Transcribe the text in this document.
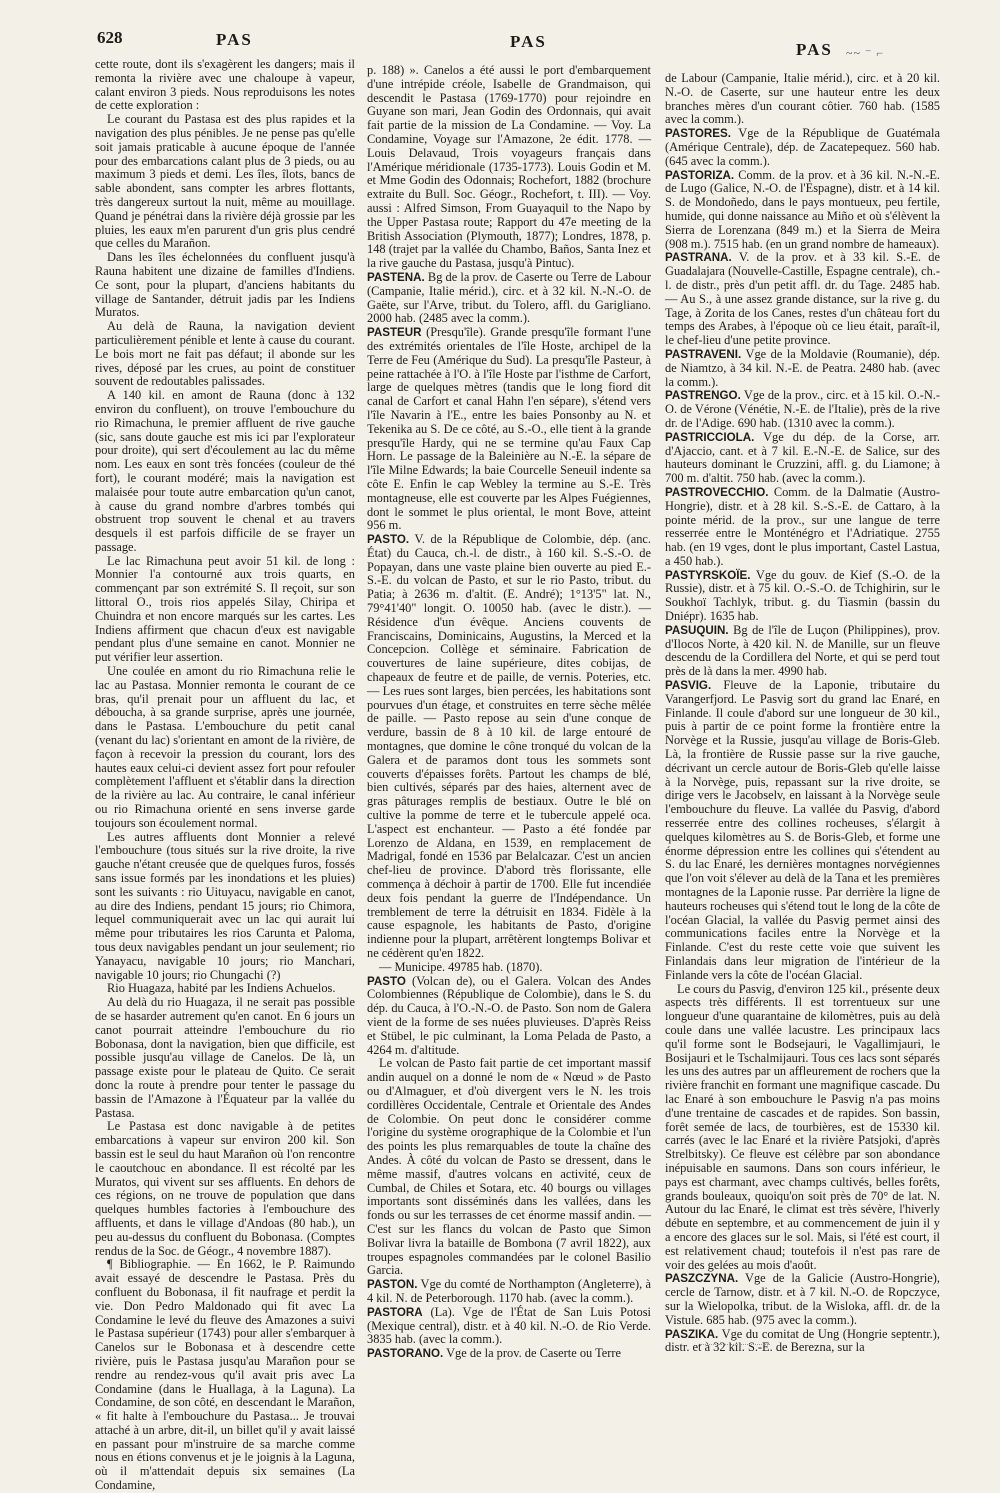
628	PAS	PAS	PAS ~~ ⁻ ⌐

cette route, dont ils s'exagèrent les dangers; mais il remonta la rivière avec une chaloupe à vapeur, calant environ 3 pieds. Nous reproduisons les notes de cette exploration :

Le courant du Pastasa est des plus rapides et la navigation des plus pénibles. Je ne pense pas qu'elle soit jamais praticable à aucune époque de l'année pour des embarcations calant plus de 3 pieds, ou au maximum 3 pieds et demi. Les îles, îlots, bancs de sable abondent, sans compter les arbres flottants, très dangereux surtout la nuit, même au mouillage. Quand je pénétrai dans la rivière déjà grossie par les pluies, les eaux m'en parurent d'un gris plus cendré que celles du Marañon.

Dans les îles échelonnées du confluent jusqu'à Rauna habitent une dizaine de familles d'Indiens. Ce sont, pour la plupart, d'anciens habitants du village de Santander, détruit jadis par les Indiens Muratos.

Au delà de Rauna, la navigation devient particulièrement pénible et lente à cause du courant. Le bois mort ne fait pas défaut; il abonde sur les rives, déposé par les crues, au point de constituer souvent de redoutables palissades.

A 140 kil. en amont de Rauna (donc à 132 environ du confluent), on trouve l'embouchure du rio Rimachuna, le premier affluent de rive gauche (sic, sans doute gauche est mis ici par l'explorateur pour droite), qui sert d'écoulement au lac du même nom. Les eaux en sont très foncées (couleur de thé fort), le courant modéré; mais la navigation est malaisée pour toute autre embarcation qu'un canot, à cause du grand nombre d'arbres tombés qui obstruent trop souvent le chenal et au travers desquels il est parfois difficile de se frayer un passage.

Le lac Rimachuna peut avoir 51 kil. de long : Monnier l'a contourné aux trois quarts, en commençant par son extrémité S. Il reçoit, sur son littoral O., trois rios appelés Silay, Chiripa et Chuindra et non encore marqués sur les cartes. Les Indiens affirment que chacun d'eux est navigable pendant plus d'une semaine en canot. Monnier ne put vérifier leur assertion.

Une coulée en amont du rio Rimachuna relie le lac au Pastasa. Monnier remonta le courant de ce bras, qu'il prenait pour un affluent du lac, et déboucha, à sa grande surprise, après une journée, dans le Pastasa. L'embouchure du petit canal (venant du lac) s'orientant en amont de la rivière, de façon à recevoir la pression du courant, lors des hautes eaux celui-ci devient assez fort pour refouler complètement l'affluent et s'établir dans la direction de la rivière au lac. Au contraire, le canal inférieur ou rio Rimachuna orienté en sens inverse garde toujours son écoulement normal.

Les autres affluents dont Monnier a relevé l'embouchure (tous situés sur la rive droite, la rive gauche n'étant creusée que de quelques furos, fossés sans issue formés par les inondations et les pluies) sont les suivants : rio Uituyacu, navigable en canot, au dire des Indiens, pendant 15 jours; rio Chimora, lequel communiquerait avec un lac qui aurait lui même pour tributaires les rios Carunta et Paloma, tous deux navigables pendant un jour seulement; rio Yanayacu, navigable 10 jours; rio Manchari, navigable 10 jours; rio Chungachi (?)

Rio Huagaza, habité par les Indiens Achuelos.

Au delà du rio Huagaza, il ne serait pas possible de se hasarder autrement qu'en canot. En 6 jours un canot pourrait atteindre l'embouchure du rio Bobonasa, dont la navigation, bien que difficile, est possible jusqu'au village de Canelos. De là, un passage existe pour le plateau de Quito. Ce serait donc la route à prendre pour tenter le passage du bassin de l'Amazone à l'Équateur par la vallée du Pastasa.

Le Pastasa est donc navigable à de petites embarcations à vapeur sur environ 200 kil. Son bassin est le seul du haut Marañon où l'on rencontre le caoutchouc en abondance. Il est récolté par les Muratos, qui vivent sur ses affluents. En dehors de ces régions, on ne trouve de population que dans quelques humbles factories à l'embouchure des affluents, et dans le village d'Andoas (80 hab.), un peu au-dessus du confluent du Bobonasa. (Comptes rendus de la Soc. de Géogr., 4 novembre 1887).

¶ Bibliographie. — En 1662, le P. Raimundo avait essayé de descendre le Pastasa. Près du confluent du Bobonasa, il fit naufrage et perdit la vie. Don Pedro Maldonado qui fit avec La Condamine le levé du fleuve des Amazones a suivi le Pastasa supérieur (1743) pour aller s'embarquer à Canelos sur le Bobonasa et à descendre cette rivière, puis le Pastasa jusqu'au Marañon pour se rendre au rendez-vous qu'il avait pris avec La Condamine (dans le Huallaga, à la Laguna). La Condamine, de son côté, en descendant le Marañon, « fit halte à l'embouchure du Pastasa... Je trouvai attaché à un arbre, dit-il, un billet qu'il y avait laissé en passant pour m'instruire de sa marche comme nous en étions convenus et je le joignis à la Laguna, où il m'attendait depuis six semaines (La Condamine,

p. 188) ». Canelos a été aussi le port d'embarquement d'une intrépide créole, Isabelle de Grandmaison, qui descendit le Pastasa (1769-1770) pour rejoindre en Guyane son mari, Jean Godin des Ordonnais, qui avait fait partie de la mission de La Condamine. — Voy. La Condamine, Voyage sur l'Amazone, 2e édit. 1778. — Louis Delavaud, Trois voyageurs français dans l'Amérique méridionale (1735-1773). Louis Godin et M. et Mme Godin des Odonnais; Rochefort, 1882 (brochure extraite du Bull. Soc. Géogr., Rochefort, t. III). — Voy. aussi : Alfred Simson, From Guayaquil to the Napo by the Upper Pastasa route; Rapport du 47e meeting de la British Association (Plymouth, 1877); Londres, 1878, p. 148 (trajet par la vallée du Chambo, Baños, Santa Inez et la rive gauche du Pastasa, jusqu'à Pintuc).

PASTENA. Bg de la prov. de Caserte ou Terre de Labour (Campanie, Italie mérid.), circ. et à 32 kil. N.-N.-O. de Gaëte, sur l'Arve, tribut. du Tolero, affl. du Garigliano. 2000 hab. (2485 avec la comm.).

PASTEUR (Presqu'île). Grande presqu'île formant l'une des extrémités orientales de l'île Hoste, archipel de la Terre de Feu (Amérique du Sud). La presqu'île Pasteur, à peine rattachée à l'O. à l'île Hoste par l'isthme de Carfort, large de quelques mètres (tandis que le long fiord dit canal de Carfort et canal Hahn l'en sépare), s'étend vers l'île Navarin à l'E., entre les baies Ponsonby au N. et Tekenika au S. De ce côté, au S.-O., elle tient à la grande presqu'île Hardy, qui ne se termine qu'au Faux Cap Horn. Le passage de la Baleinière au N.-E. la sépare de l'île Milne Edwards; la baie Courcelle Seneuil indente sa côte E. Enfin le cap Webley la termine au S.-E. Très montagneuse, elle est couverte par les Alpes Fuégiennes, dont le sommet le plus oriental, le mont Bove, atteint 956 m.

PASTO. V. de la République de Colombie, dép. (anc. État) du Cauca, ch.-l. de distr., à 160 kil. S.-S.-O. de Popayan, dans une vaste plaine bien ouverte au pied E.-S.-E. du volcan de Pasto, et sur le rio Pasto, tribut. du Patia; à 2636 m. d'altit. (E. André); 1°13'5" lat. N., 79°41'40" longit. O. 10050 hab. (avec le distr.). — Résidence d'un évêque. Anciens couvents de Franciscains, Dominicains, Augustins, la Merced et la Concepcion. Collège et séminaire. Fabrication de couvertures de laine supérieure, dites cobijas, de chapeaux de feutre et de paille, de vernis. Poteries, etc. — Les rues sont larges, bien percées, les habitations sont pourvues d'un étage, et construites en terre sèche mêlée de paille. — Pasto repose au sein d'une conque de verdure, bassin de 8 à 10 kil. de large entouré de montagnes, que domine le cône tronqué du volcan de la Galera et de paramos dont tous les sommets sont couverts d'épaisses forêts. Partout les champs de blé, bien cultivés, séparés par des haies, alternent avec de gras pâturages remplis de bestiaux. Outre le blé on cultive la pomme de terre et le tubercule appelé oca. L'aspect est enchanteur. — Pasto a été fondée par Lorenzo de Aldana, en 1539, en remplacement de Madrigal, fondé en 1536 par Belalcazar. C'est un ancien chef-lieu de province. D'abord très florissante, elle commença à déchoir à partir de 1700. Elle fut incendiée deux fois pendant la guerre de l'Indépendance. Un tremblement de terre la détruisit en 1834. Fidèle à la cause espagnole, les habitants de Pasto, d'origine indienne pour la plupart, arrêtèrent longtemps Bolivar et ne cédèrent qu'en 1822.

— Municipe. 49785 hab. (1870).

PASTO (Volcan de), ou el Galera. Volcan des Andes Colombiennes (République de Colombie), dans le S. du dép. du Cauca, à l'O.-N.-O. de Pasto. Son nom de Galera vient de la forme de ses nuées pluvieuses. D'après Reiss et Stübel, le pic culminant, la Loma Pelada de Pasto, a 4264 m. d'altitude.

Le volcan de Pasto fait partie de cet important massif andin auquel on a donné le nom de « Nœud » de Pasto ou d'Almaguer, et d'où divergent vers le N. les trois cordillères Occidentale, Centrale et Orientale des Andes de Colombie. On peut donc le considérer comme l'origine du système orographique de la Colombie et l'un des points les plus remarquables de toute la chaîne des Andes. À côté du volcan de Pasto se dressent, dans le même massif, d'autres volcans en activité, ceux de Cumbal, de Chiles et Sotara, etc. 40 bourgs ou villages importants sont disséminés dans les vallées, dans les fonds ou sur les terrasses de cet énorme massif andin. — C'est sur les flancs du volcan de Pasto que Simon Bolivar livra la bataille de Bombona (7 avril 1822), aux troupes espagnoles commandées par le colonel Basilio Garcia.

PASTON. Vge du comté de Northampton (Angleterre), à 4 kil. N. de Peterborough. 1170 hab. (avec la comm.).

PASTORA (La). Vge de l'État de San Luis Potosi (Mexique central), distr. et à 40 kil. N.-O. de Rio Verde. 3835 hab. (avec la comm.).

PASTORANO. Vge de la prov. de Caserte ou Terre

de Labour (Campanie, Italie mérid.), circ. et à 20 kil. N.-O. de Caserte, sur une hauteur entre les deux branches mères d'un courant côtier. 760 hab. (1585 avec la comm.).

PASTORES. Vge de la République de Guatémala (Amérique Centrale), dép. de Zacatepequez. 560 hab. (645 avec la comm.).

PASTORIZA. Comm. de la prov. et à 36 kil. N.-N.-E. de Lugo (Galice, N.-O. de l'Espagne), distr. et à 14 kil. S. de Mondoñedo, dans le pays montueux, peu fertile, humide, qui donne naissance au Miño et où s'élèvent la Sierra de Lorenzana (849 m.) et la Sierra de Meira (908 m.). 7515 hab. (en un grand nombre de hameaux).

PASTRANA. V. de la prov. et à 33 kil. S.-E. de Guadalajara (Nouvelle-Castille, Espagne centrale), ch.-l. de distr., près d'un petit affl. dr. du Tage. 2485 hab. — Au S., à une assez grande distance, sur la rive g. du Tage, à Zorita de los Canes, restes d'un château fort du temps des Arabes, à l'époque où ce lieu était, paraît-il, le chef-lieu d'une petite province.

PASTRAVENI. Vge de la Moldavie (Roumanie), dép. de Niamtzo, à 34 kil. N.-E. de Peatra. 2480 hab. (avec la comm.).

PASTRENGO. Vge de la prov., circ. et à 15 kil. O.-N.-O. de Vérone (Vénétie, N.-E. de l'Italie), près de la rive dr. de l'Adige. 690 hab. (1310 avec la comm.).

PASTRICCIOLA. Vge du dép. de la Corse, arr. d'Ajaccio, cant. et à 7 kil. E.-N.-E. de Salice, sur des hauteurs dominant le Cruzzini, affl. g. du Liamone; à 700 m. d'altit. 750 hab. (avec la comm.).

PASTROVECCHIO. Comm. de la Dalmatie (Austro-Hongrie), distr. et à 28 kil. S.-S.-E. de Cattaro, à la pointe mérid. de la prov., sur une langue de terre resserrée entre le Monténégro et l'Adriatique. 2755 hab. (en 19 vges, dont le plus important, Castel Lastua, a 450 hab.).

PASTYRSKOÏE. Vge du gouv. de Kief (S.-O. de la Russie), distr. et à 75 kil. O.-S.-O. de Tchighirin, sur le Soukhoï Tachlyk, tribut. g. du Tiasmin (bassin du Dniépr). 1635 hab.

PASUQUIN. Bg de l'île de Luçon (Philippines), prov. d'Ilocos Norte, à 420 kil. N. de Manille, sur un fleuve descendu de la Cordillera del Norte, et qui se perd tout près de là dans la mer. 4990 hab.

PASVIG. Fleuve de la Laponie, tributaire du Varangerfjord. Le Pasvig sort du grand lac Enaré, en Finlande. Il coule d'abord sur une longueur de 30 kil., puis à partir de ce point forme la frontière entre la Norvège et la Russie, jusqu'au village de Boris-Gleb. Là, la frontière de Russie passe sur la rive gauche, décrivant un cercle autour de Boris-Gleb qu'elle laisse à la Norvège, puis, repassant sur la rive droite, se dirige vers le Jacobselv, en laissant à la Norvège seule l'embouchure du fleuve. La vallée du Pasvig, d'abord resserrée entre des collines rocheuses, s'élargit à quelques kilomètres au S. de Boris-Gleb, et forme une énorme dépression entre les collines qui s'étendent au S. du lac Enaré, les dernières montagnes norvégiennes que l'on voit s'élever au delà de la Tana et les premières montagnes de la Laponie russe. Par derrière la ligne de hauteurs rocheuses qui s'étend tout le long de la côte de l'océan Glacial, la vallée du Pasvig permet ainsi des communications faciles entre la Norvège et la Finlande. C'est du reste cette voie que suivent les Finlandais dans leur migration de l'intérieur de la Finlande vers la côte de l'océan Glacial.

Le cours du Pasvig, d'environ 125 kil., présente deux aspects très différents. Il est torrentueux sur une longueur d'une quarantaine de kilomètres, puis au delà coule dans une vallée lacustre. Les principaux lacs qu'il forme sont le Bodsejauri, le Vagallimjauri, le Bosijauri et le Tschalmijauri. Tous ces lacs sont séparés les uns des autres par un affleurement de rochers que la rivière franchit en formant une magnifique cascade. Du lac Enaré à son embouchure le Pasvig n'a pas moins d'une trentaine de cascades et de rapides. Son bassin, forêt semée de lacs, de tourbières, est de 15330 kil. carrés (avec le lac Enaré et la rivière Patsjoki, d'après Strelbitsky). Ce fleuve est célèbre par son abondance inépuisable en saumons. Dans son cours inférieur, le pays est charmant, avec champs cultivés, belles forêts, grands bouleaux, quoiqu'on soit près de 70° de lat. N. Autour du lac Enaré, le climat est très sévère, l'hiverly débute en septembre, et au commencement de juin il y a encore des glaces sur le sol. Mais, si l'été est court, il est relativement chaud; toutefois il n'est pas rare de voir des gelées au mois d'août.

PASZCZYNA. Vge de la Galicie (Austro-Hongrie), cercle de Tarnow, distr. et à 7 kil. N.-O. de Ropczyce, sur la Wielopolka, tribut. de la Wisloka, affl. dr. de la Vistule. 685 hab. (975 avec la comm.).

PASZIKA. Vge du comitat de Ung (Hongrie septentr.), distr. et à 32 kil. S.-E. de Berezna, sur la
